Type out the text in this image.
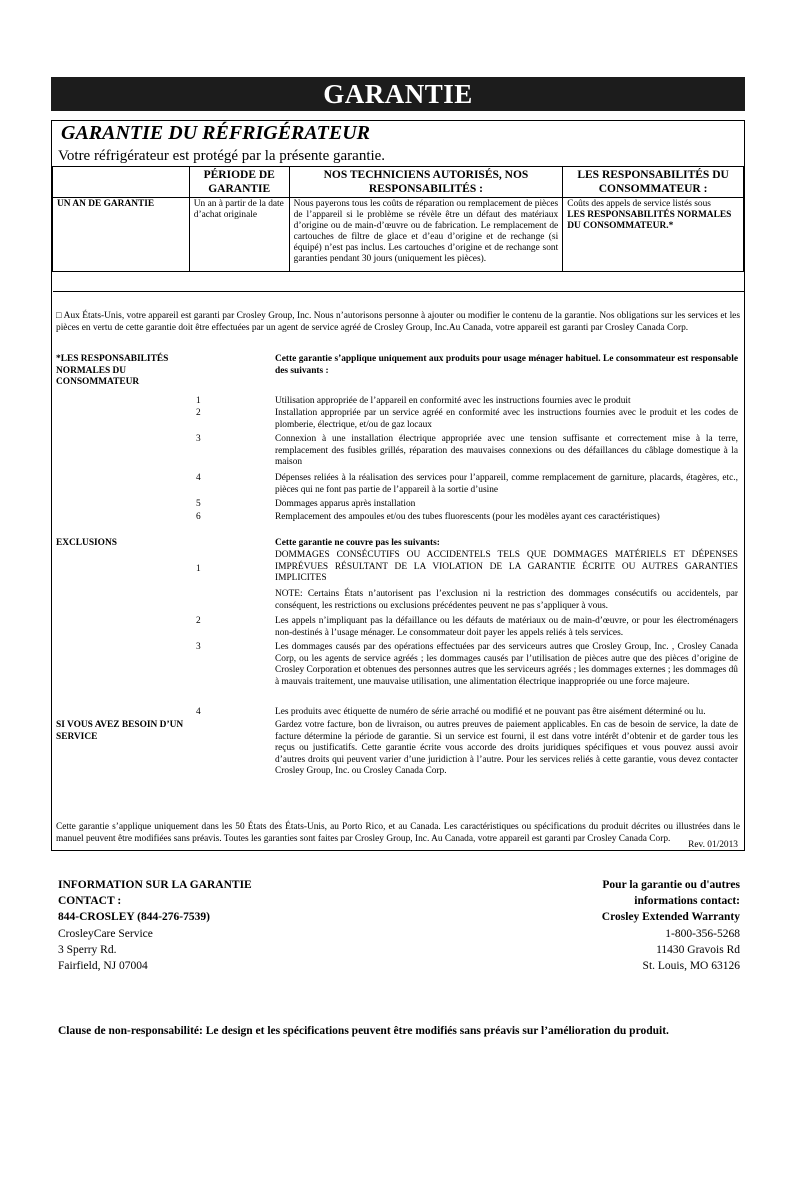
GARANTIE
GARANTIE DU RÉFRIGÉRATEUR
Votre réfrigérateur est protégé par la présente garantie.
	PÉRIODE DE GARANTIE	NOS TECHNICIENS AUTORISÉS, NOS RESPONSABILITÉS :	LES RESPONSABILITÉS DU CONSOMMATEUR :
UN AN DE GARANTIE	Un an à partir de la date d’achat originale	Nous payerons tous les coûts de réparation ou remplacement de pièces de l’appareil si le problème se révèle être un défaut des matériaux d’origine ou de main-d’œuvre ou de fabrication. Le remplacement de cartouches de filtre de glace et d’eau d’origine et de rechange (si équipé) n’est pas inclus. Les cartouches d’origine et de rechange sont garanties pendant 30 jours (uniquement les pièces).	Coûts des appels de service listés sous
LES RESPONSABILITÉS NORMALES DU CONSOMMATEUR.*

□ Aux États-Unis, votre appareil est garanti par Crosley Group, Inc. Nous n’autorisons personne à ajouter ou modifier le contenu de la garantie. Nos obligations sur les services et les pièces en vertu de cette garantie doit être effectuées par un agent de service agréé de Crosley Group, Inc.Au Canada, votre appareil est garanti par Crosley Canada Corp.
*LES RESPONSABILITÉS NORMALES DU CONSOMMATEUR
Cette garantie s’applique uniquement aux produits pour usage ménager habituel. Le consommateur est responsable des suivants :
1	Utilisation appropriée de l’appareil en conformité avec les instructions fournies avec le produit
2	Installation appropriée par un service agréé en conformité avec les instructions fournies avec le produit et les codes de plomberie, électrique, et/ou de gaz locaux
3	Connexion à une installation électrique appropriée avec une tension suffisante et correctement mise à la terre, remplacement des fusibles grillés, réparation des mauvaises connexions ou des défaillances du câblage domestique à la maison
4	Dépenses reliées à la réalisation des services pour l’appareil, comme remplacement de garniture, placards, étagères, etc., pièces qui ne font pas partie de l’appareil à la sortie d’usine
5	Dommages apparus après installation
6	Remplacement des ampoules et/ou des tubes fluorescents (pour les modèles ayant ces caractéristiques)
EXCLUSIONS	Cette garantie ne couvre pas les suivants:
1
DOMMAGES CONSÉCUTIFS OU ACCIDENTELS TELS QUE DOMMAGES MATÉRIELS ET DÉPENSES IMPRÉVUES RÉSULTANT DE LA VIOLATION DE LA GARANTIE ÉCRITE OU AUTRES GARANTIES IMPLICITES
NOTE: Certains États n’autorisent pas l’exclusion ni la restriction des dommages consécutifs ou accidentels, par conséquent, les restrictions ou exclusions précédentes peuvent ne pas s’appliquer à vous.
2	Les appels n’impliquant pas la défaillance ou les défauts de matériaux ou de main-d’œuvre, or pour les électroménagers non-destinés à l’usage ménager. Le consommateur doit payer les appels reliés à tels services.
3	Les dommages causés par des opérations effectuées par des serviceurs autres que Crosley Group, Inc. , Crosley Canada Corp, ou les agents de service agréés ; les dommages causés par l’utilisation de pièces autre que des pièces d’origine de Crosley Corporation et obtenues des personnes autres que les serviceurs agréés ; les dommages externes ; les dommages dû à mauvais traitement, une mauvaise utilisation, une alimentation électrique inappropriée ou une force majeure.
4	Les produits avec étiquette de numéro de série arraché ou modifié et ne pouvant pas être aisément déterminé ou lu.
SI VOUS AVEZ BESOIN D’UN SERVICE
Gardez votre facture, bon de livraison, ou autres preuves de paiement applicables. En cas de besoin de service, la date de facture détermine la période de garantie. Si un service est fourni, il est dans votre intérêt d’obtenir et de garder tous les reçus ou justificatifs. Cette garantie écrite vous accorde des droits juridiques spécifiques et vous pouvez aussi avoir d’autres droits qui peuvent varier d’une juridiction à l’autre. Pour les services reliés à cette garantie, vous devez contacter Crosley Group, Inc. ou Crosley Canada Corp.
Cette garantie s’applique uniquement dans les 50 États des États-Unis, au Porto Rico, et au Canada. Les caractéristiques ou spécifications du produit décrites ou illustrées dans le manuel peuvent être modifiées sans préavis. Toutes les garanties sont faites par Crosley Group, Inc. Au Canada, votre appareil est garanti par Crosley Canada Corp.
Rev. 01/2013
INFORMATION SUR LA GARANTIE
CONTACT :
844-CROSLEY (844-276-7539)
CrosleyCare Service
3 Sperry Rd.
Fairfield, NJ 07004
Pour la garantie ou d'autres
informations contact:
Crosley Extended Warranty
1-800-356-5268
11430 Gravois Rd
St. Louis, MO 63126
Clause de non-responsabilité: Le design et les spécifications peuvent être modifiés sans préavis sur l’amélioration du produit.
